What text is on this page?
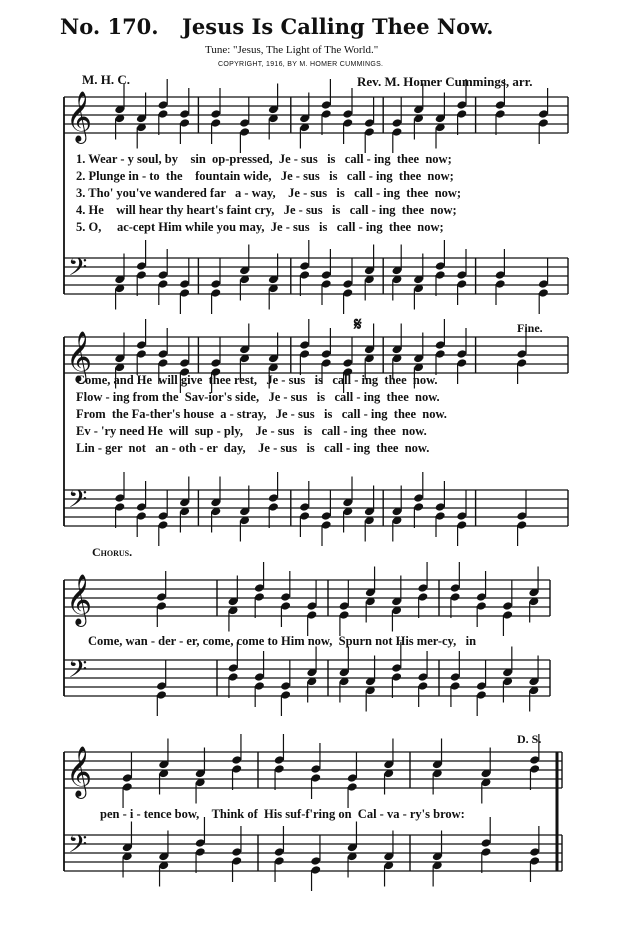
No. 170. Jesus Is Calling Thee Now.
Tune: "Jesus, The Light of The World."
COPYRIGHT, 1916, BY M. HOMER CUMMINGS.
M. H. C.	Rev. M. Homer Cummings, arr.
𝄞
𝄢
𝄞
𝄢
𝄞
𝄢
𝄞
𝄢
𝄋	Fine.
Chorus.
D. S.
1. Wear - y soul, by    sin  op-pressed,  Je - sus   is   call - ing  thee  now;
2. Plunge in - to  the    fountain wide,   Je - sus   is   call - ing  thee  now;
3. Tho' you've wandered far   a - way,    Je - sus   is   call - ing  thee  now;
4. He    will hear thy heart's faint cry,   Je - sus   is   call - ing  thee  now;
5. O,     ac-cept Him while you may,  Je - sus   is   call - ing  thee  now;
Come, and He  will give  thee rest,   Je - sus   is   call - ing  thee  now.
Flow - ing from the  Sav-ior's side,   Je - sus   is   call - ing  thee  now.
From  the Fa-ther's house  a - stray,   Je - sus   is   call - ing  thee  now.
Ev - 'ry need He  will  sup - ply,    Je - sus   is   call - ing  thee  now.
Lin - ger  not   an - oth - er  day,    Je - sus   is   call - ing  thee  now.
Come, wan - der - er, come, come to Him now,  Spurn not His mer-cy,   in
pen - i - tence bow,    Think of  His suf-f'ring on  Cal - va - ry's brow:
